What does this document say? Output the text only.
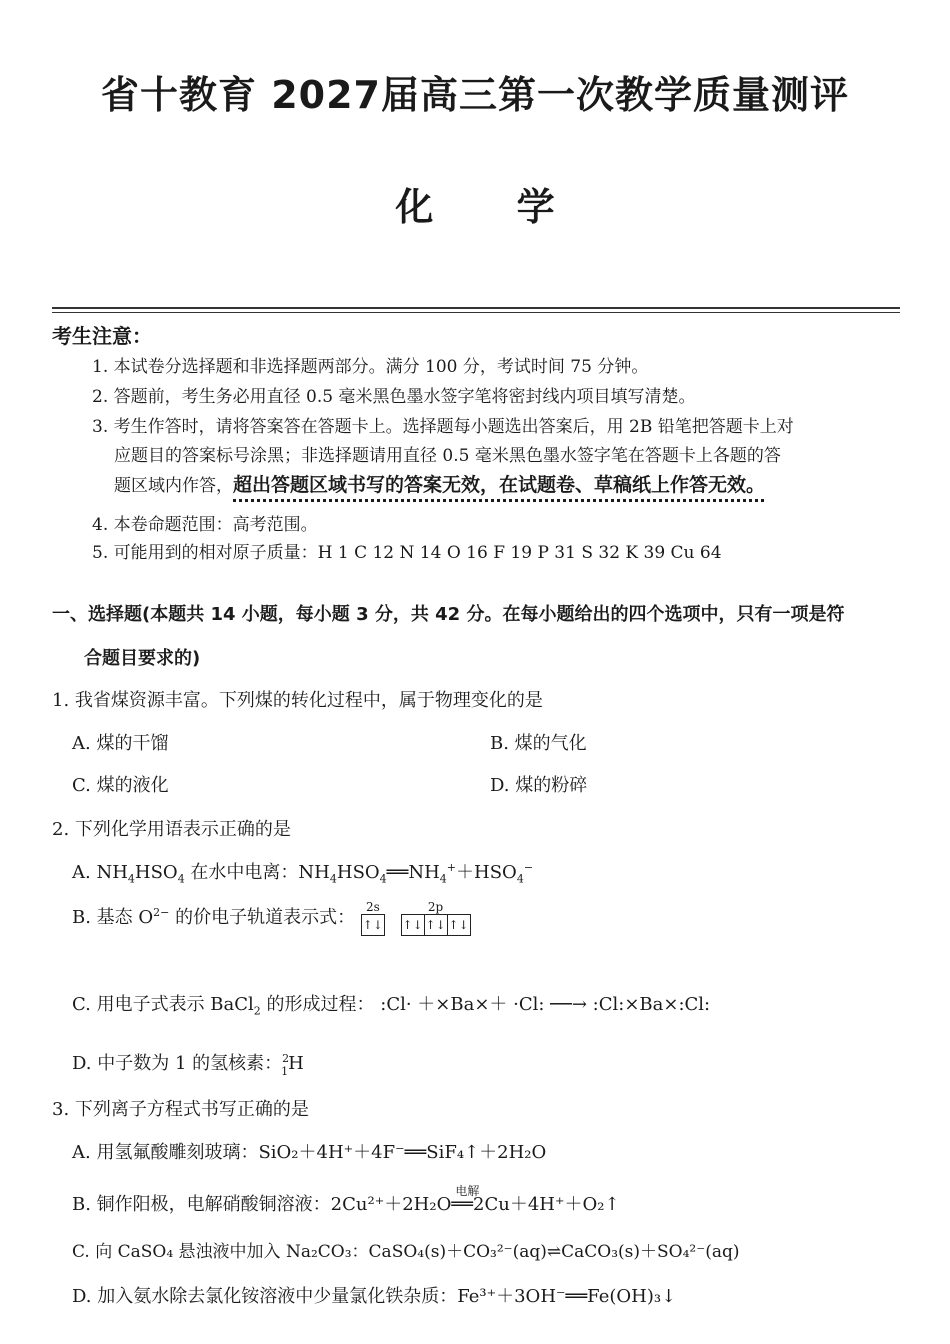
省十教育 2027届高三第一次教学质量测评
化 学
考生注意：
1. 本试卷分选择题和非选择题两部分。满分 100 分，考试时间 75 分钟。
2. 答题前，考生务必用直径 0.5 毫米黑色墨水签字笔将密封线内项目填写清楚。
3. 考生作答时，请将答案答在答题卡上。选择题每小题选出答案后，用 2B 铅笔把答题卡上对
应题目的答案标号涂黑；非选择题请用直径 0.5 毫米黑色墨水签字笔在答题卡上各题的答
题区域内作答，超出答题区域书写的答案无效，在试题卷、草稿纸上作答无效。
4. 本卷命题范围：高考范围。
5. 可能用到的相对原子质量：H 1 C 12 N 14 O 16 F 19 P 31 S 32 K 39 Cu 64
一、选择题(本题共 14 小题，每小题 3 分，共 42 分。在每小题给出的四个选项中，只有一项是符
合题目要求的)
1. 我省煤资源丰富。下列煤的转化过程中，属于物理变化的是
A. 煤的干馏	B. 煤的气化
C. 煤的液化	D. 煤的粉碎
2. 下列化学用语表示正确的是
A. $NH_4HSO_4$ 在水中电离：$NH_4HSO_4══NH_4^++HSO_4^-$
B. 基态 $O^{2-}$ 的价电子轨道表示式： 2s
↑↓

2p
↑↓ ↑↓ ↑↓
C. 用电子式表示 BaCl$_2$ 的形成过程： :Cl· ＋×Ba×＋ ·Cl: ──→ :Cl:×Ba×:Cl:
D. 中子数为 1 的氢核素：$^2_1$H
3. 下列离子方程式书写正确的是
A. 用氢氟酸雕刻玻璃：SiO₂＋4H⁺＋4F⁻══SiF₄↑＋2H₂O
B. 铜作阳极，电解硝酸铜溶液：2Cu²⁺＋2H₂O
电解
══2Cu＋4H⁺＋O₂↑
C. 向 CaSO₄ 悬浊液中加入 Na₂CO₃：CaSO₄(s)＋CO₃²⁻(aq)⇌CaCO₃(s)＋SO₄²⁻(aq)
D. 加入氨水除去氯化铵溶液中少量氯化铁杂质：Fe³⁺＋3OH⁻══Fe(OH)₃↓
